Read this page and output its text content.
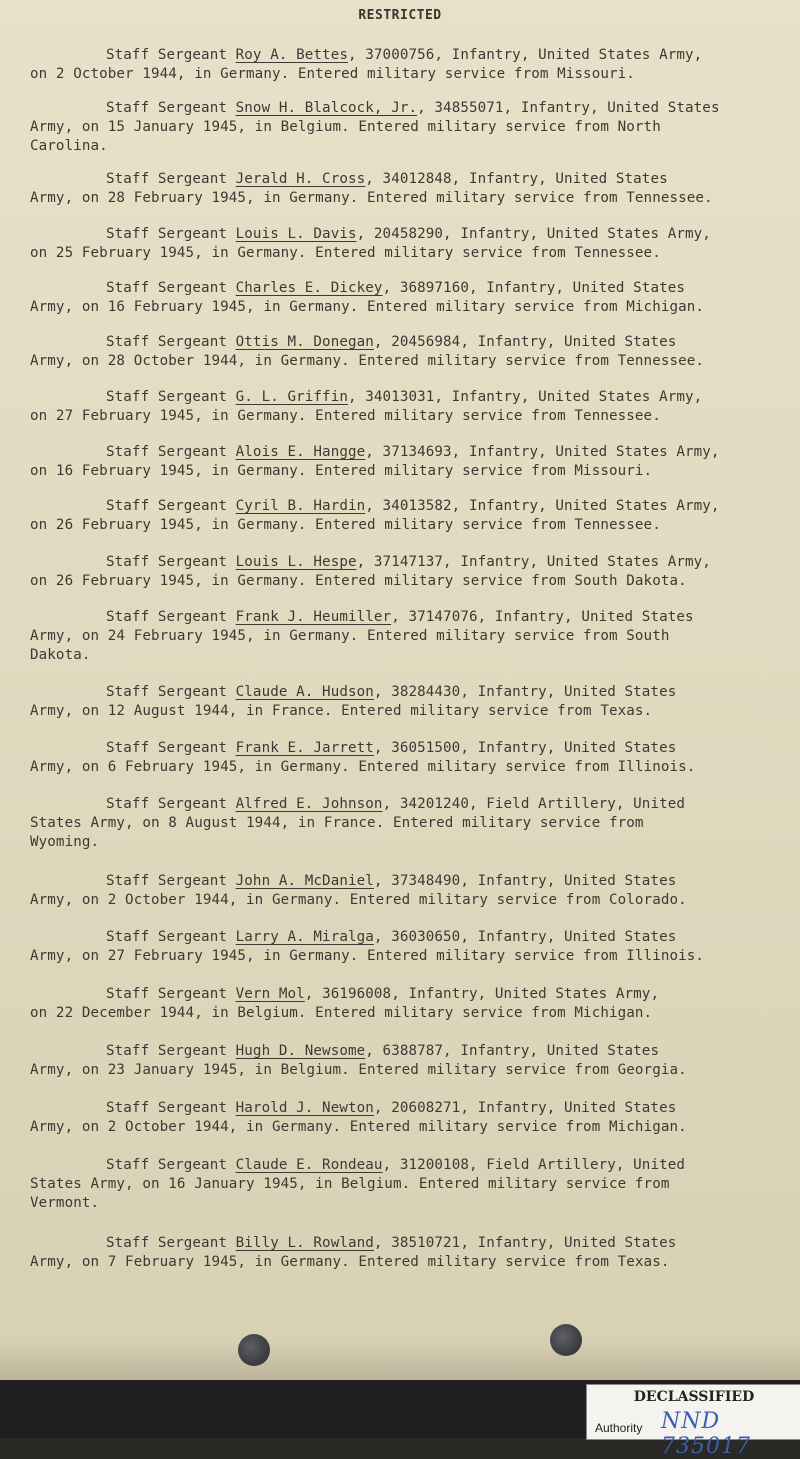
RESTRICTED
Staff Sergeant Roy A. Bettes, 37000756, Infantry, United States Army,
on 2 October 1944, in Germany. Entered military service from Missouri.
Staff Sergeant Snow H. Blalcock, Jr., 34855071, Infantry, United States
Army, on 15 January 1945, in Belgium. Entered military service from North
Carolina.
Staff Sergeant Jerald H. Cross, 34012848, Infantry, United States
Army, on 28 February 1945, in Germany. Entered military service from Tennessee.
Staff Sergeant Louis L. Davis, 20458290, Infantry, United States Army,
on 25 February 1945, in Germany. Entered military service from Tennessee.
Staff Sergeant Charles E. Dickey, 36897160, Infantry, United States
Army, on 16 February 1945, in Germany. Entered military service from Michigan.
Staff Sergeant Ottis M. Donegan, 20456984, Infantry, United States
Army, on 28 October 1944, in Germany. Entered military service from Tennessee.
Staff Sergeant G. L. Griffin, 34013031, Infantry, United States Army,
on 27 February 1945, in Germany. Entered military service from Tennessee.
Staff Sergeant Alois E. Hangge, 37134693, Infantry, United States Army,
on 16 February 1945, in Germany. Entered military service from Missouri.
Staff Sergeant Cyril B. Hardin, 34013582, Infantry, United States Army,
on 26 February 1945, in Germany. Entered military service from Tennessee.
Staff Sergeant Louis L. Hespe, 37147137, Infantry, United States Army,
on 26 February 1945, in Germany. Entered military service from South Dakota.
Staff Sergeant Frank J. Heumiller, 37147076, Infantry, United States
Army, on 24 February 1945, in Germany. Entered military service from South
Dakota.
Staff Sergeant Claude A. Hudson, 38284430, Infantry, United States
Army, on 12 August 1944, in France. Entered military service from Texas.
Staff Sergeant Frank E. Jarrett, 36051500, Infantry, United States
Army, on 6 February 1945, in Germany. Entered military service from Illinois.
Staff Sergeant Alfred E. Johnson, 34201240, Field Artillery, United
States Army, on 8 August 1944, in France. Entered military service from
Wyoming.
Staff Sergeant John A. McDaniel, 37348490, Infantry, United States
Army, on 2 October 1944, in Germany. Entered military service from Colorado.
Staff Sergeant Larry A. Miralga, 36030650, Infantry, United States
Army, on 27 February 1945, in Germany. Entered military service from Illinois.
Staff Sergeant Vern Mol, 36196008, Infantry, United States Army,
on 22 December 1944, in Belgium. Entered military service from Michigan.
Staff Sergeant Hugh D. Newsome, 6388787, Infantry, United States
Army, on 23 January 1945, in Belgium. Entered military service from Georgia.
Staff Sergeant Harold J. Newton, 20608271, Infantry, United States
Army, on 2 October 1944, in Germany. Entered military service from Michigan.
Staff Sergeant Claude E. Rondeau, 31200108, Field Artillery, United
States Army, on 16 January 1945, in Belgium. Entered military service from
Vermont.
Staff Sergeant Billy L. Rowland, 38510721, Infantry, United States
Army, on 7 February 1945, in Germany. Entered military service from Texas.
DECLASSIFIED
Authority NND 735017
